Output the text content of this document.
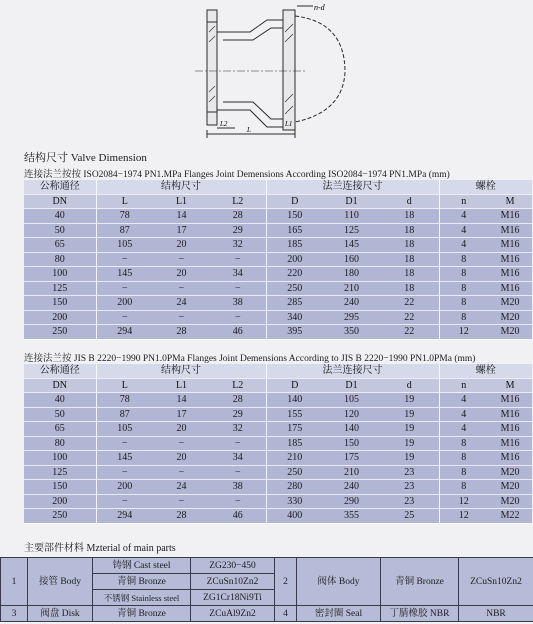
n-d
L2
L
L1
结构尺寸 Valve Dimension
连接法兰按按 ISO2084−1974 PN1.MPa Flanges Joint Demensions According ISO2084−1974 PN1.MPa (mm)
公称通径	结构尺寸			法兰连接尺寸			螺栓	
DN	L	L1	L2	D	D1	d	n	M
40	78	14	28	150	110	18	4	M16
50	87	17	29	165	125	18	4	M16
65	105	20	32	185	145	18	4	M16
80	−	−	−	200	160	18	8	M16
100	145	20	34	220	180	18	8	M16
125	−	−	−	250	210	18	8	M16
150	200	24	38	285	240	22	8	M20
200	−	−	−	340	295	22	8	M20
250	294	28	46	395	350	22	12	M20
连接法兰按 JIS B 2220−1990 PN1.0PMa Flanges Joint Demensions According to JIS B 2220−1990 PN1.0PMa (mm)
公称通径	结构尺寸			法兰连接尺寸			螺栓	
DN	L	L1	L2	D	D1	d	n	M
40	78	14	28	140	105	19	4	M16
50	87	17	29	155	120	19	4	M16
65	105	20	32	175	140	19	4	M16
80	−	−	−	185	150	19	8	M16
100	145	20	34	210	175	19	8	M16
125	−	−	−	250	210	23	8	M20
150	200	24	38	280	240	23	8	M20
200	−	−	−	330	290	23	12	M20
250	294	28	46	400	355	25	12	M22
主要部件材料 Mzterial of main parts
1	接管 Body	铸钢 Cast steel	ZG230−450	2	阀体 Body	青铜 Bronze	ZCuSn10Zn2
		青铜 Bronze	ZCuSn10Zn2				
		不锈钢 Stainless steel	ZG1Cr18Ni9Ti				
3	阀盘 Disk	青铜 Bronze	ZCuAl9Zn2	4	密封圈 Seal	丁腈橡胶 NBR	NBR
